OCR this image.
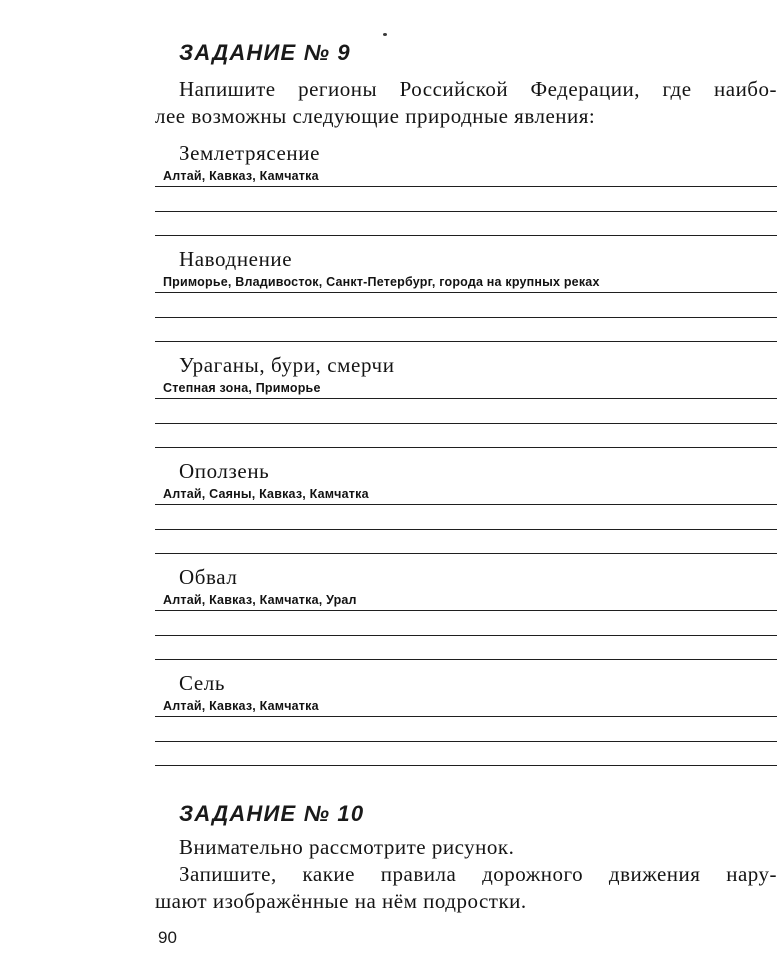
ЗАДАНИЕ № 9
Напишите регионы Российской Федерации, где наибо-
лее возможны следующие природные явления:
Землетрясение
Алтай, Кавказ, Камчатка
Наводнение
Приморье, Владивосток, Санкт-Петербург, города на крупных реках
Ураганы, бури, смерчи
Степная зона, Приморье
Оползень
Алтай, Саяны, Кавказ, Камчатка
Обвал
Алтай, Кавказ, Камчатка, Урал
Сель
Алтай, Кавказ, Камчатка
ЗАДАНИЕ № 10
Внимательно рассмотрите рисунок.
Запишите, какие правила дорожного движения нару-
шают изображённые на нём подростки.
90
